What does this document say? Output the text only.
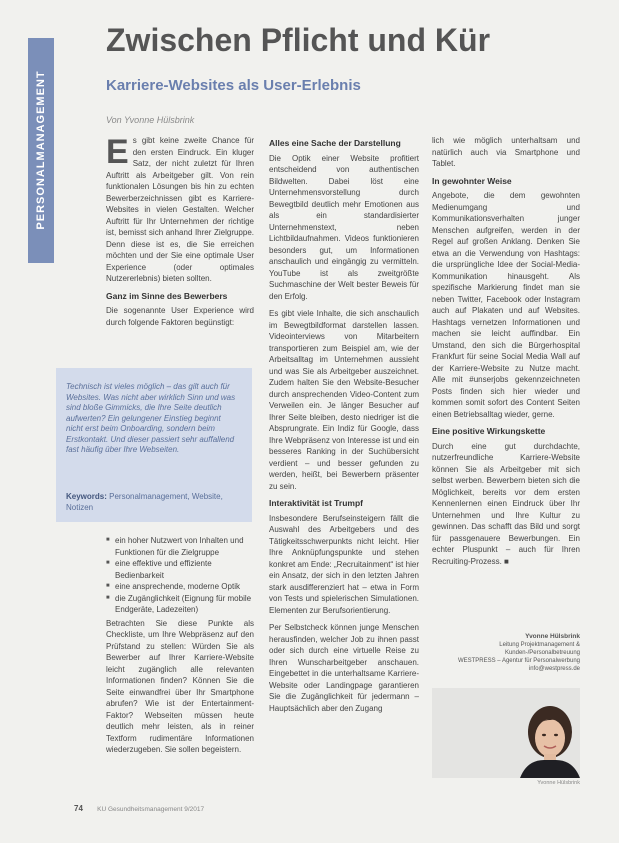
PERSONALMANAGEMENT
Zwischen Pflicht und Kür
Karriere-Websites als User-Erlebnis
Von Yvonne Hülsbrink

Es gibt keine zweite Chance für den ersten Eindruck. Ein kluger Satz, der nicht zuletzt für Ihren Auftritt als Arbeitgeber gilt. Von rein funktionalen Lösungen bis hin zu echten Bewerberzeichnissen gibt es Karriere-Websites in vielen Gestalten. Welcher Auftritt für Ihr Unternehmen der richtige ist, bemisst sich anhand Ihrer Zielgruppe. Denn diese ist es, die Sie erreichen möchten und der Sie eine optimale User Experience (oder optimales Nutzererlebnis) bieten sollten.

Ganz im Sinne des Bewerbers

Die sogenannte User Experience wird durch folgende Faktoren begünstigt:

Technisch ist vieles möglich – das gilt auch für Websites. Was nicht aber wirklich Sinn und was sind bloße Gimmicks, die Ihre Seite deutlich aufwerten? Ein gelungener Einstieg beginnt nicht erst beim Onboarding, sondern beim Erstkontakt. Und dieser passiert sehr auffallend fast häufig über Ihre Webseiten.

Keywords: Personalmanagement, Website, Notizen

■ ein hoher Nutzwert von Inhalten und Funktionen für die Zielgruppe
■ eine effektive und effiziente Bedienbarkeit
■ eine ansprechende, moderne Optik
■ die Zugänglichkeit (Eignung für mobile Endgeräte, Ladezeiten)

Betrachten Sie diese Punkte als Checkliste, um Ihre Webpräsenz auf den Prüfstand zu stellen: Würden Sie als Bewerber auf Ihrer Karriere-Website leicht zugänglich alle relevanten Informationen finden? Können Sie die Seite einwandfrei über Ihr Smartphone abrufen? Wie ist der Entertainment-Faktor? Webseiten müssen heute deutlich mehr leisten, als in reiner Textform rudimentäre Informationen wiederzugeben. Sie sollen begeistern.

Alles eine Sache der Darstellung

Die Optik einer Website profitiert entscheidend von authentischen Bildwelten. Dabei löst eine Unternehmensvorstellung durch Bewegtbild deutlich mehr Emotionen aus als ein standardisierter Unternehmenstext, neben Lichtbildaufnahmen. Videos funktionieren besonders gut, um Informationen anschaulich und eingängig zu vermitteln. YouTube ist als zweitgrößte Suchmaschine der Welt bester Beweis für den Erfolg.

Es gibt viele Inhalte, die sich anschaulich im Bewegtbildformat darstellen lassen. Videointerviews von Mitarbeitern transportieren zum Beispiel am, wie der Arbeitsalltag im Unternehmen aussieht und was Sie als Arbeitgeber auszeichnet. Zudem halten Sie den Website-Besucher durch ansprechenden Video-Content zum Verweilen ein. Je länger Besucher auf Ihrer Seite bleiben, desto niedriger ist die Absprungrate. Ein Indiz für Google, dass Ihre Webpräsenz von Interesse ist und ein besseres Ranking in der Suchübersicht verdient – und besser gefunden zu werden, heißt, bei Bewerbern präsenter zu sein.

Interaktivität ist Trumpf

Insbesondere Berufseinsteigern fällt die Auswahl des Arbeitgebers und des Tätigkeitsschwerpunkts nicht leicht. Hier Ihre Anknüpfungspunkte und stehen konkret am Ende: „Recruitainment“ ist hier ein Ansatz, der sich in den letzten Jahren stark ausdifferenziert hat – etwa in Form von Tests und spielerischen Simulationen. Elementen zur Berufsorientierung.

Per Selbstcheck können junge Menschen herausfinden, welcher Job zu ihnen passt oder sich durch eine virtuelle Reise zu Ihren Wunscharbeitgeber anschauen. Eingebettet in die unterhaltsame Karriere-Website oder Landingpage garantieren Sie die Zugänglichkeit für jedermann – Hauptsächlich aber den Zugang

lich wie möglich unterhaltsam und natürlich auch via Smartphone und Tablet.

In gewohnter Weise

Angebote, die dem gewohnten Medienumgang und Kommunikationsverhalten junger Menschen aufgreifen, werden in der Regel auf großen Anklang. Denken Sie etwa an die Verwendung von Hashtags: die ursprüngliche Idee der Social-Media-Kommunikation hinausgeht. Als spezifische Markierung findet man sie neben Twitter, Facebook oder Instagram auch auf Plakaten und auf Websites. Hashtags vernetzen Informationen und machen sie leicht auffindbar. Ein Umstand, den sich die Bürgerhospital Frankfurt für seine Social Media Wall auf der Karriere-Website zu Nutze macht. Alle mit #unserjobs gekennzeichneten Posts finden sich hier wieder und kommen somit sofort des Content Seiten einen Betriebsalltag wieder, gerne.

Eine positive Wirkungskette

Durch eine gut durchdachte, nutzerfreundliche Karriere-Website können Sie als Arbeitgeber mit sich selbst werben. Bewerbern bieten sich die Möglichkeit, bereits vor dem ersten Kennenlernen einen Eindruck über Ihr Unternehmen und Ihre Kultur zu gewinnen. Das schafft das Bild und sorgt für passgenauere Bewerbungen. Ein echter Pluspunkt – auch für Ihren Recruiting-Prozess. ■

Yvonne Hülsbrink
Leitung Projektmanagement & Kunden-/Personalbetreuung
WESTPRESS – Agentur für Personalwerbung
info@westpress.de
Yvonne Hülsbrink
74 KU Gesundheitsmanagement 9/2017
